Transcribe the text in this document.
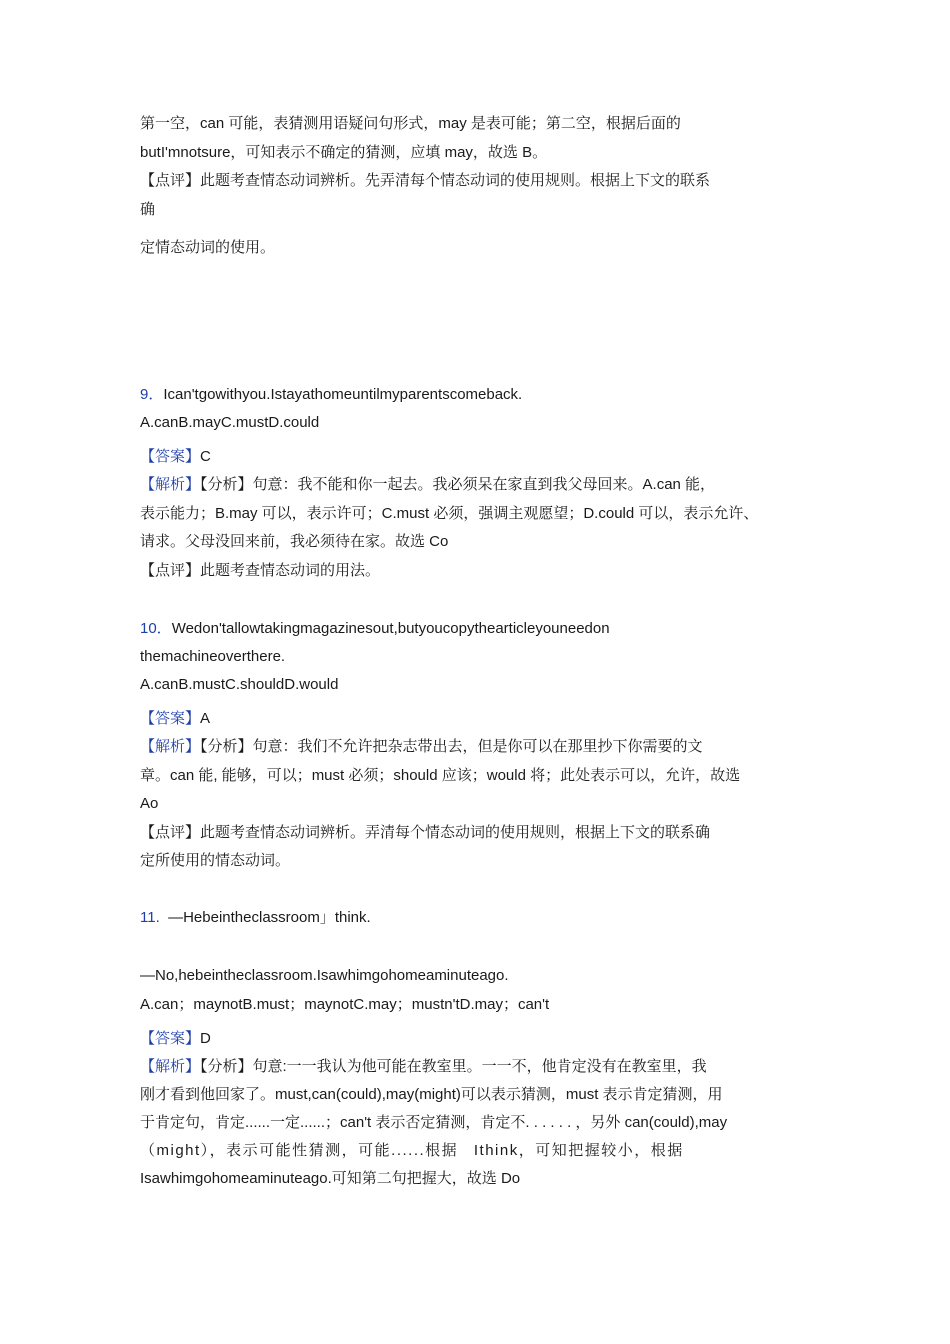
第一空，can 可能，表猜测用语疑问句形式，may 是表可能；第二空，根据后面的
butI'mnotsure，可知表示不确定的猜测，应填 may，故选 B。
【点评】此题考查情态动词辨析。先弄清每个情态动词的使用规则。根据上下文的联系
确
定情态动词的使用。
9．Ican'tgowithyou.Istayathomeuntilmyparentscomeback.
A.canB.mayC.mustD.could
【答案】C
【解析】【分析】句意：我不能和你一起去。我必须呆在家直到我父母回来。A.can 能，
表示能力；B.may 可以，表示许可；C.must 必须，强调主观愿望；D.could 可以，表示允许、
请求。父母没回来前，我必须待在家。故选 Co
【点评】此题考查情态动词的用法。
10．Wedon'tallowtakingmagazinesout,butyoucopythearticleyouneedon
themachineoverthere.
A.canB.mustC.shouldD.would
【答案】A
【解析】【分析】句意：我们不允许把杂志带出去，但是你可以在那里抄下你需要的文
章。can 能, 能够，可以；must 必须；should 应该；would 将；此处表示可以，允许，故选
Ao
【点评】此题考查情态动词辨析。弄清每个情态动词的使用规则，根据上下文的联系确
定所使用的情态动词。
11. —Hebeintheclassroom」think.
—No,hebeintheclassroom.Isawhimgohomeaminuteago.
A.can；maynotB.must；maynotC.may；mustn'tD.may；can't
【答案】D
【解析】【分析】句意:一一我认为他可能在教室里。一一不，他肯定没有在教室里，我
刚才看到他回家了。must,can(could),may(might)可以表示猜测，must 表示肯定猜测，用
于肯定句，肯定......一定......；can't 表示否定猜测，肯定不. . . . . . ，另外 can(could),may
（might），表示可能性猜测，可能......根据 Ithink，可知把握较小，根据
Isawhimgohomeaminuteago.可知第二句把握大，故选 Do
